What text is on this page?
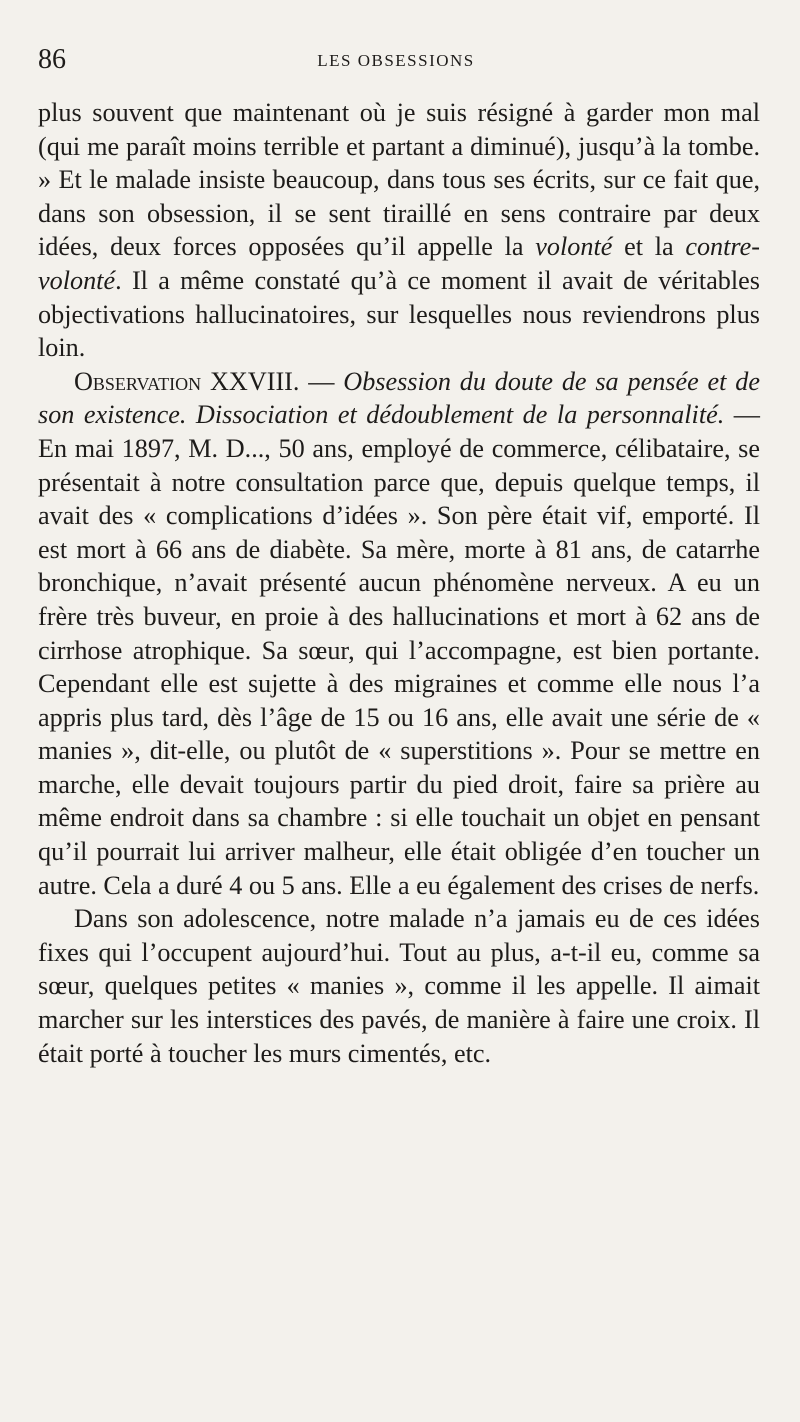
86	LES OBSESSIONS

plus souvent que maintenant où je suis résigné à garder mon mal (qui me paraît moins terrible et partant a diminué), jusqu’à la tombe. » Et le malade insiste beaucoup, dans tous ses écrits, sur ce fait que, dans son obsession, il se sent tiraillé en sens contraire par deux idées, deux forces opposées qu’il appelle la volonté et la contre-volonté. Il a même constaté qu’à ce moment il avait de véritables objectivations hallucinatoires, sur lesquelles nous reviendrons plus loin.

Observation XXVIII. — Obsession du doute de sa pensée et de son existence. Dissociation et dédoublement de la personnalité. — En mai 1897, M. D..., 50 ans, employé de commerce, célibataire, se présentait à notre consultation parce que, depuis quelque temps, il avait des « complications d’idées ». Son père était vif, emporté. Il est mort à 66 ans de diabète. Sa mère, morte à 81 ans, de catarrhe bronchique, n’avait présenté aucun phénomène nerveux. A eu un frère très buveur, en proie à des hallucinations et mort à 62 ans de cirrhose atrophique. Sa sœur, qui l’accompagne, est bien portante. Cependant elle est sujette à des migraines et comme elle nous l’a appris plus tard, dès l’âge de 15 ou 16 ans, elle avait une série de « manies », dit-elle, ou plutôt de « superstitions ». Pour se mettre en marche, elle devait toujours partir du pied droit, faire sa prière au même endroit dans sa chambre : si elle touchait un objet en pensant qu’il pourrait lui arriver malheur, elle était obligée d’en toucher un autre. Cela a duré 4 ou 5 ans. Elle a eu également des crises de nerfs.

Dans son adolescence, notre malade n’a jamais eu de ces idées fixes qui l’occupent aujourd’hui. Tout au plus, a-t-il eu, comme sa sœur, quelques petites « manies », comme il les appelle. Il aimait marcher sur les interstices des pavés, de manière à faire une croix. Il était porté à toucher les murs cimentés, etc.
